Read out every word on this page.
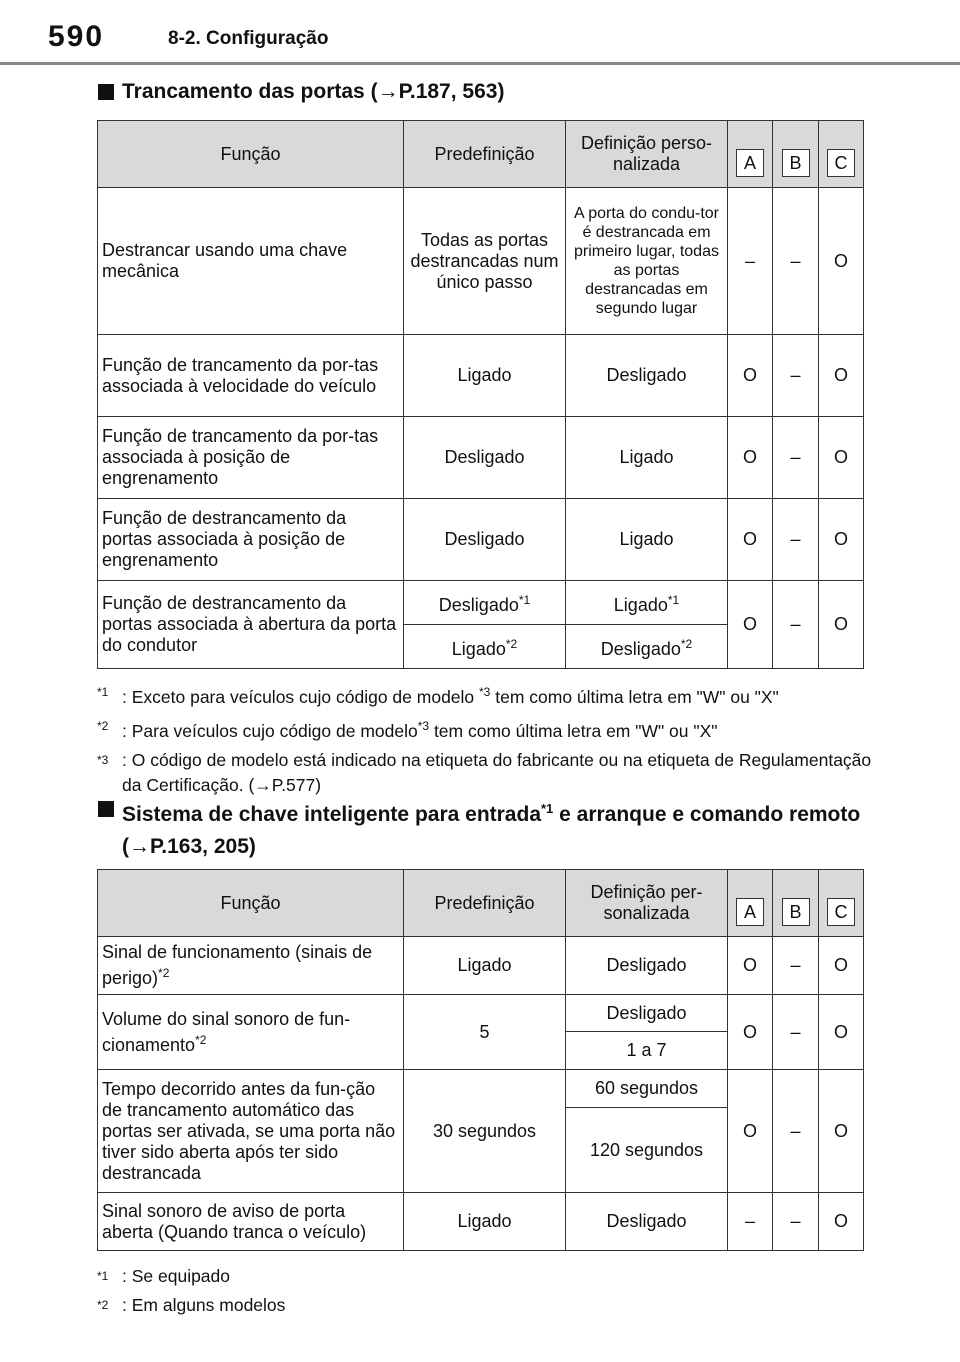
590	8-2. Configuração
Trancamento das portas (→P.187, 563)
Função	Predefinição	Definição perso-nalizada	A	B	C
Destrancar usando uma chave mecânica	Todas as portas destrancadas num único passo	A porta do condu-tor é destrancada em primeiro lugar, todas as portas destrancadas em segundo lugar	–	–	O
Função de trancamento da por-tas associada à velocidade do veículo	Ligado	Desligado	O	–	O
Função de trancamento da por-tas associada à posição de engrenamento	Desligado	Ligado	O	–	O
Função de destrancamento da portas associada à posição de engrenamento	Desligado	Ligado	O	–	O
Função de destrancamento da portas associada à abertura da porta do condutor	Desligado$^{*1}$	Ligado$^{*1}$	O	–	O
	Ligado$^{*2}$	Desligado$^{*2}$
$^{*1}$ : Exceto para veículos cujo código de modelo $^{*3}$ tem como última letra em "W" ou "X"
$^{*2}$ : Para veículos cujo código de modelo$^{*3}$ tem como última letra em "W" ou "X"
$^{*3}$ : O código de modelo está indicado na etiqueta do fabricante ou na etiqueta de Regulamentação da Certificação. (→P.577)
Sistema de chave inteligente para entrada$^{*1}$ e arranque e comando remoto (→P.163, 205)
Função	Predefinição	Definição per-sonalizada	A	B	C
Sinal de funcionamento (sinais de perigo)$^{*2}$	Ligado	Desligado	O	–	O
Volume do sinal sonoro de fun-cionamento$^{*2}$	5	Desligado	O	–	O
		1 a 7			
Tempo decorrido antes da fun-ção de trancamento automático das portas ser ativada, se uma porta não tiver sido aberta após ter sido destrancada	30 segundos	60 segundos	O	–	O
		120 segundos			
Sinal sonoro de aviso de porta aberta (Quando tranca o veículo)	Ligado	Desligado	–	–	O
$^{*1}$ : Se equipado
$^{*2}$ : Em alguns modelos
